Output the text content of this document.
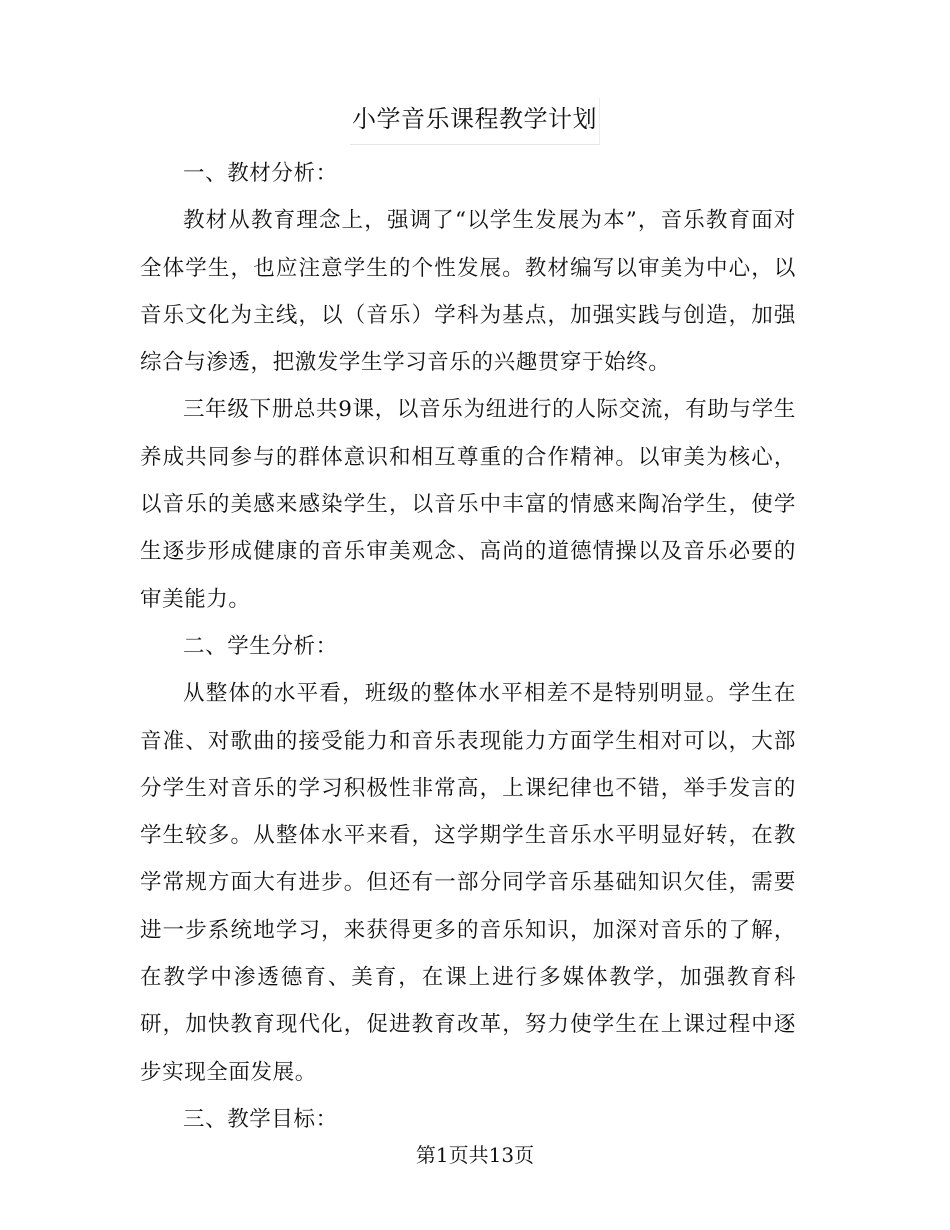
小学音乐课程教学计划

一、教材分析：

教材从教育理念上，强调了“以学生发展为本”，音乐教育面对全体学生，也应注意学生的个性发展。教材编写以审美为中心，以音乐文化为主线，以（音乐）学科为基点，加强实践与创造，加强综合与渗透，把激发学生学习音乐的兴趣贯穿于始终。

三年级下册总共9课，以音乐为纽进行的人际交流，有助与学生养成共同参与的群体意识和相互尊重的合作精神。以审美为核心，以音乐的美感来感染学生，以音乐中丰富的情感来陶冶学生，使学生逐步形成健康的音乐审美观念、高尚的道德情操以及音乐必要的审美能力。

二、学生分析：

从整体的水平看，班级的整体水平相差不是特别明显。学生在音准、对歌曲的接受能力和音乐表现能力方面学生相对可以，大部分学生对音乐的学习积极性非常高，上课纪律也不错，举手发言的学生较多。从整体水平来看，这学期学生音乐水平明显好转，在教学常规方面大有进步。但还有一部分同学音乐基础知识欠佳，需要进一步系统地学习，来获得更多的音乐知识，加深对音乐的了解，在教学中渗透德育、美育，在课上进行多媒体教学，加强教育科研，加快教育现代化，促进教育改革，努力使学生在上课过程中逐步实现全面发展。

三、教学目标：

第1页共13页
